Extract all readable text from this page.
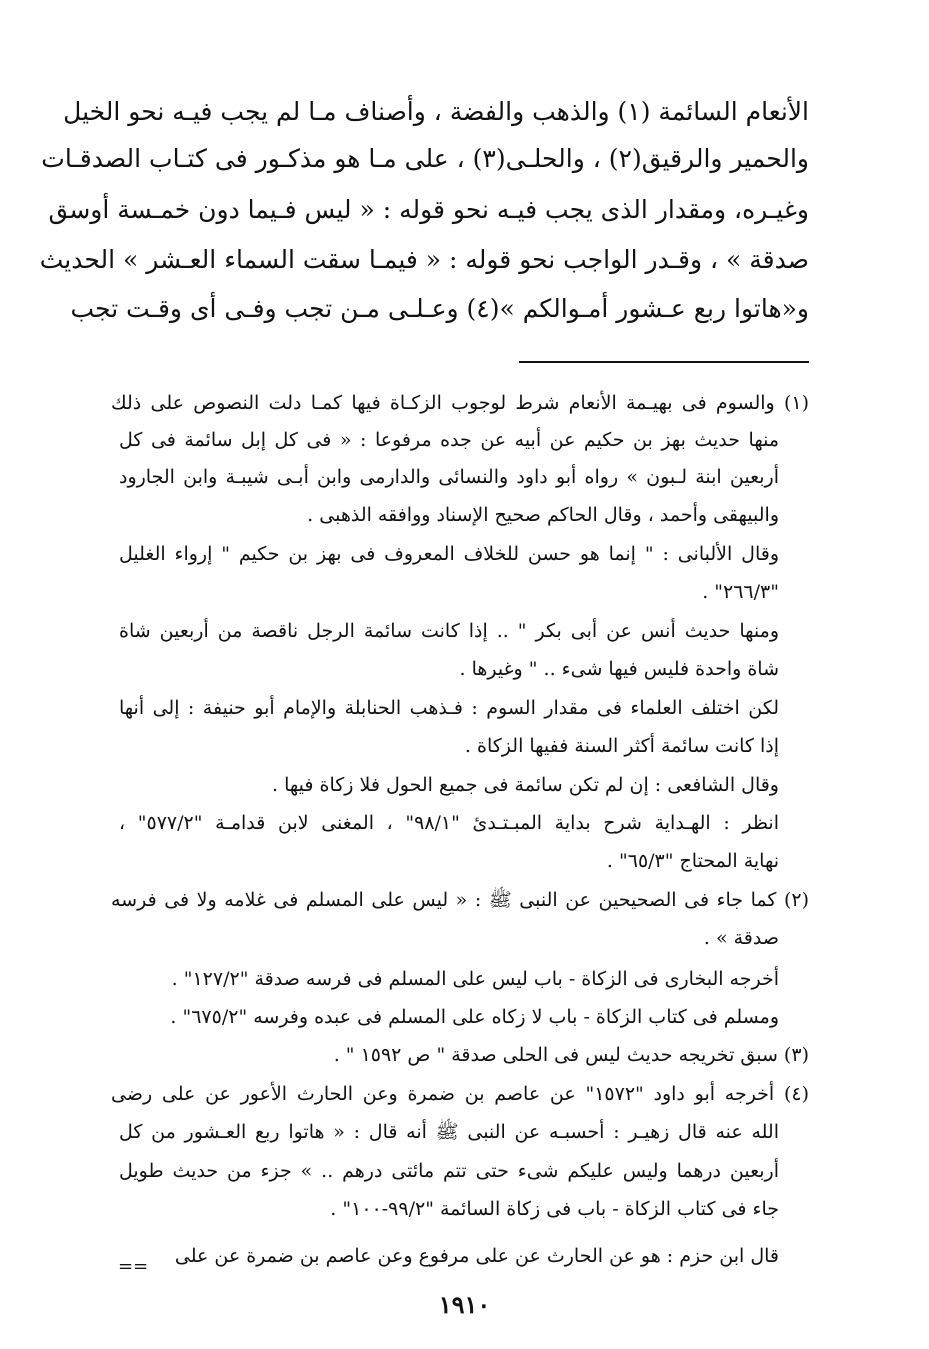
الأنعام السائمة (١) والذهب والفضة ، وأصناف مـا لم يجب فيـه نحو الخيل
والحمير والرقيق(٢) ، والحلـى(٣) ، على مـا هو مذكـور فى كتـاب الصدقـات
وغيـره، ومقدار الذى يجب فيـه نحو قوله : « ليس فـيما دون خمـسة أوسق
صدقة » ، وقـدر الواجب نحو قوله : « فيمـا سقت السماء العـشر » الحديث
و«هاتوا ربع عـشور أمـوالكم »(٤) وعـلـى مـن تجب وفـى أى وقـت تجب
(١) والسوم فى بهيـمة الأنعام شرط لوجوب الزكـاة فيها كمـا دلت النصوص على ذلك
منها حديث بهز بن حكيم عن أبيه عن جده مرفوعا : « فى كل إبل سائمة فى كل
أربعين ابنة لـبون » رواه أبو داود والنسائى والدارمى وابن أبـى شيبـة وابن الجارود
والبيهقى وأحمد ، وقال الحاكم صحيح الإسناد ووافقه الذهبى .
وقال الألبانى : " إنما هو حسن للخلاف المعروف فى بهز بن حكيم " إرواء الغليل
"٢٦٦/٣" .
ومنها حديث أنس عن أبى بكر " .. إذا كانت سائمة الرجل ناقصة من أربعين شاة
شاة واحدة فليس فيها شىء .. " وغيرها .
لكن اختلف العلماء فى مقدار السوم : فـذهب الحنابلة والإمام أبو حنيفة : إلى أنها
إذا كانت سائمة أكثر السنة ففيها الزكاة .
وقال الشافعى : إن لم تكن سائمة فى جميع الحول فلا زكاة فيها .
انظر : الهـداية شرح بداية المبـتـدئ "٩٨/١" ، المغنى لابن قدامـة "٥٧٧/٢" ،
نهاية المحتاج "٦٥/٣" .
(٢) كما جاء فى الصحيحين عن النبى ﷺ : « ليس على المسلم فى غلامه ولا فى فرسه
صدقة » .
أخرجه البخارى فى الزكاة - باب ليس على المسلم فى فرسه صدقة "١٢٧/٢" .
ومسلم فى كتاب الزكاة - باب لا زكاه على المسلم فى عبده وفرسه "٦٧٥/٢" .
(٣) سبق تخريجه حديث ليس فى الحلى صدقة " ص ١٥٩٢ " .
(٤) أخرجه أبو داود "١٥٧٢" عن عاصم بن ضمرة وعن الحارث الأعور عن على رضى
الله عنه قال زهيـر : أحسبـه عن النبى ﷺ أنه قال : « هاتوا ربع العـشور من كل
أربعين درهما وليس عليكم شىء حتى تتم مائتى درهم .. » جزء من حديث طويل
جاء فى كتاب الزكاة - باب فى زكاة السائمة "٩٩/٢-١٠٠" .
قال ابن حزم : هو عن الحارث عن على مرفوع وعن عاصم بن ضمرة عن على
==
١٩١٠
